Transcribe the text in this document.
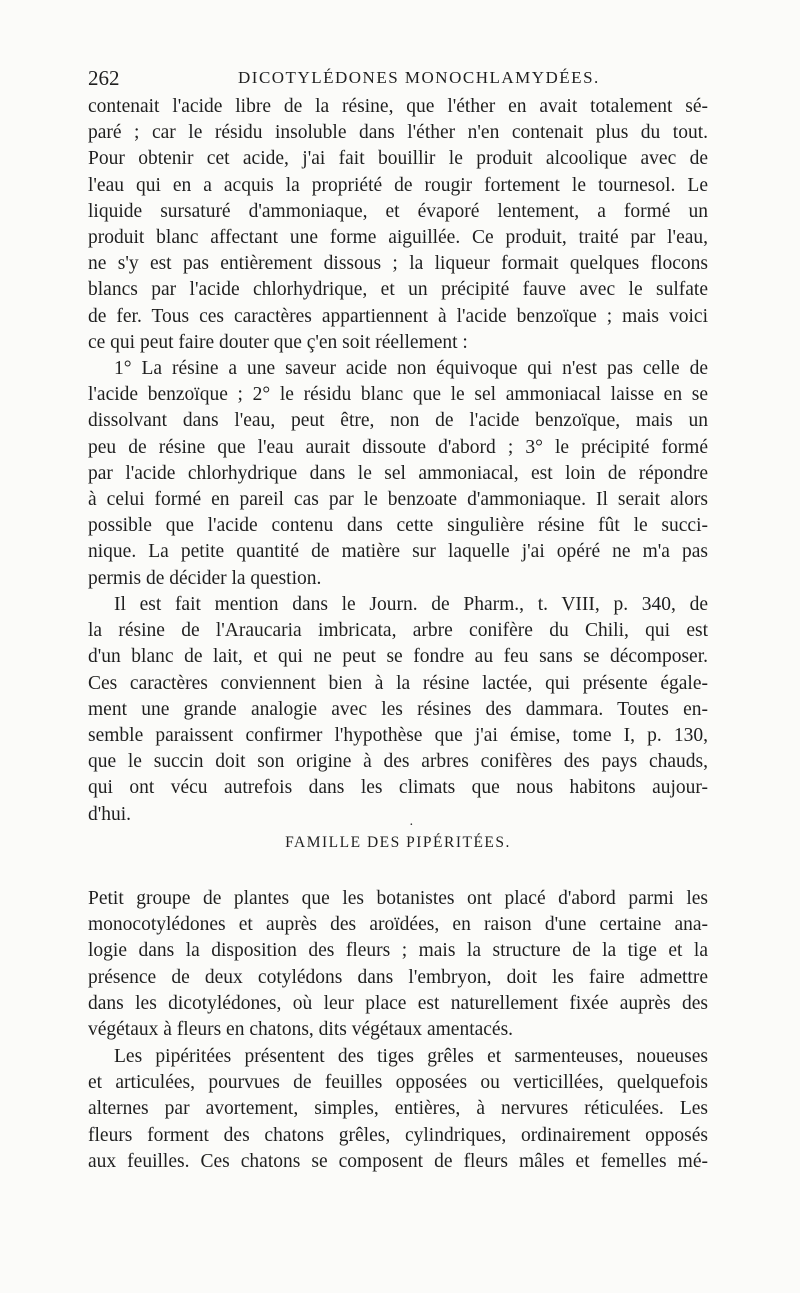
262	DICOTYLÉDONES MONOCHLAMYDÉES.
contenait l'acide libre de la résine, que l'éther en avait totalement sé-
paré ; car le résidu insoluble dans l'éther n'en contenait plus du tout.
Pour obtenir cet acide, j'ai fait bouillir le produit alcoolique avec de
l'eau qui en a acquis la propriété de rougir fortement le tournesol. Le
liquide sursaturé d'ammoniaque, et évaporé lentement, a formé un
produit blanc affectant une forme aiguillée. Ce produit, traité par l'eau,
ne s'y est pas entièrement dissous ; la liqueur formait quelques flocons
blancs par l'acide chlorhydrique, et un précipité fauve avec le sulfate
de fer. Tous ces caractères appartiennent à l'acide benzoïque ; mais voici
ce qui peut faire douter que ç'en soit réellement :
1° La résine a une saveur acide non équivoque qui n'est pas celle de
l'acide benzoïque ; 2° le résidu blanc que le sel ammoniacal laisse en se
dissolvant dans l'eau, peut être, non de l'acide benzoïque, mais un
peu de résine que l'eau aurait dissoute d'abord ; 3° le précipité formé
par l'acide chlorhydrique dans le sel ammoniacal, est loin de répondre
à celui formé en pareil cas par le benzoate d'ammoniaque. Il serait alors
possible que l'acide contenu dans cette singulière résine fût le succi-
nique. La petite quantité de matière sur laquelle j'ai opéré ne m'a pas
permis de décider la question.
Il est fait mention dans le Journ. de Pharm., t. VIII, p. 340, de
la résine de l'Araucaria imbricata, arbre conifère du Chili, qui est
d'un blanc de lait, et qui ne peut se fondre au feu sans se décomposer.
Ces caractères conviennent bien à la résine lactée, qui présente égale-
ment une grande analogie avec les résines des dammara. Toutes en-
semble paraissent confirmer l'hypothèse que j'ai émise, tome I, p. 130,
que le succin doit son origine à des arbres conifères des pays chauds,
qui ont vécu autrefois dans les climats que nous habitons aujour-
d'hui.
·
FAMILLE DES PIPÉRITÉES.
Petit groupe de plantes que les botanistes ont placé d'abord parmi les
monocotylédones et auprès des aroïdées, en raison d'une certaine ana-
logie dans la disposition des fleurs ; mais la structure de la tige et la
présence de deux cotylédons dans l'embryon, doit les faire admettre
dans les dicotylédones, où leur place est naturellement fixée auprès des
végétaux à fleurs en chatons, dits végétaux amentacés.
Les pipéritées présentent des tiges grêles et sarmenteuses, noueuses
et articulées, pourvues de feuilles opposées ou verticillées, quelquefois
alternes par avortement, simples, entières, à nervures réticulées. Les
fleurs forment des chatons grêles, cylindriques, ordinairement opposés
aux feuilles. Ces chatons se composent de fleurs mâles et femelles mé-
